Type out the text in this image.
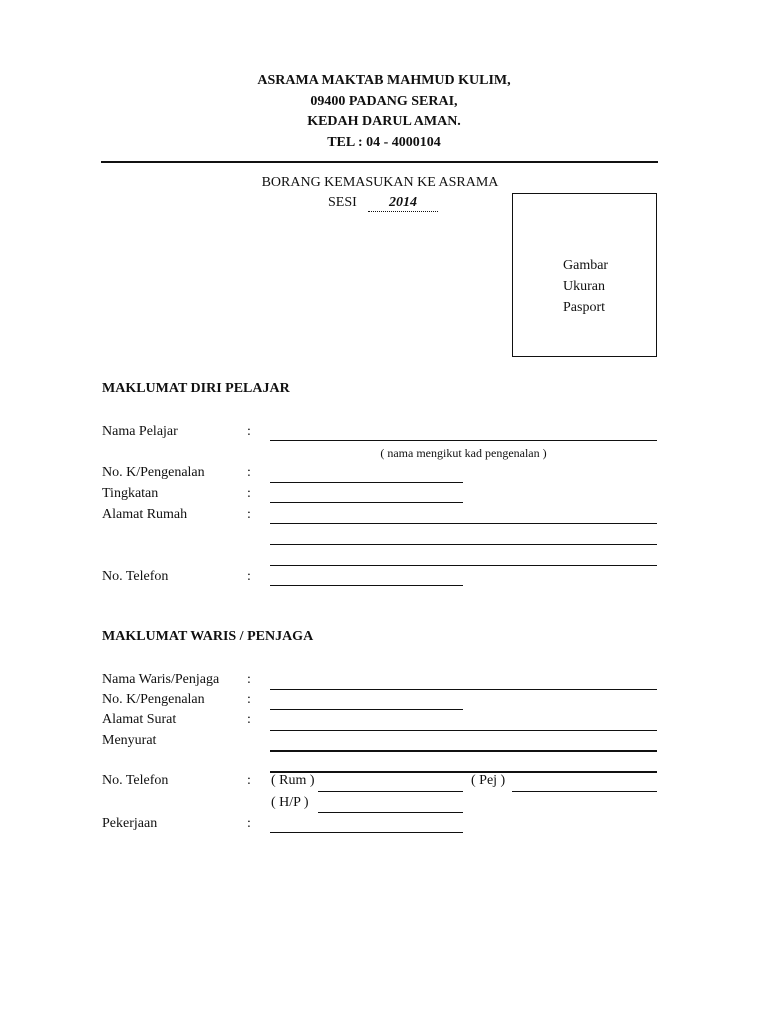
ASRAMA MAKTAB MAHMUD KULIM,
09400 PADANG SERAI,
KEDAH DARUL AMAN.
TEL : 04 - 4000104
BORANG KEMASUKAN KE ASRAMA
SESI	2014
Gambar
Ukuran
Pasport
MAKLUMAT DIRI PELAJAR
Nama Pelajar	:
( nama mengikut kad pengenalan )
No. K/Pengenalan	:
Tingkatan	:
Alamat Rumah	:
No. Telefon	:
MAKLUMAT WARIS / PENJAGA
Nama Waris/Penjaga :
No. K/Pengenalan	:
Alamat Surat	:
Menyurat
No. Telefon	: ( Rum )	( Pej )
( H/P )
Pekerjaan	:
